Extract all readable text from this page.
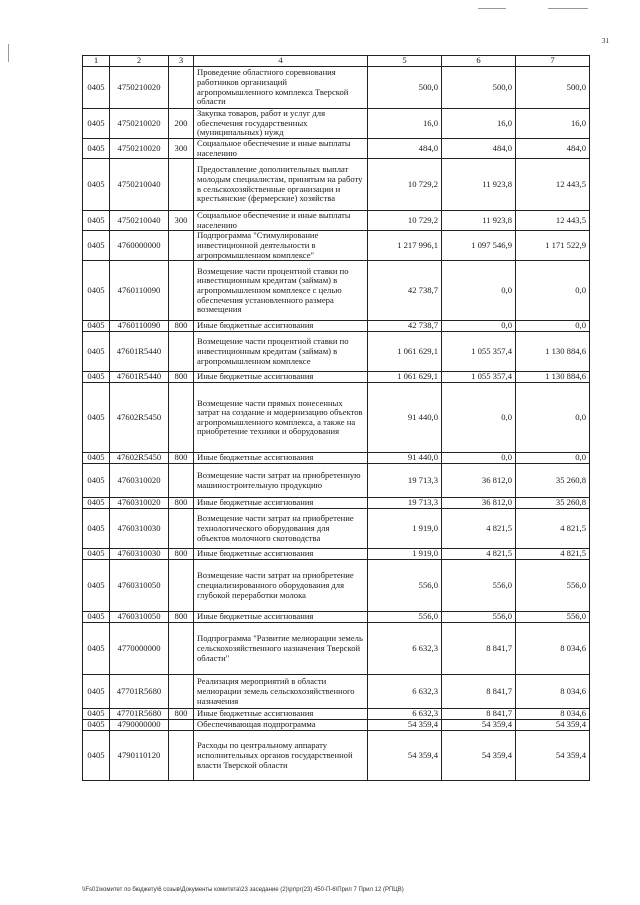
31
1	2	3	4	5	6	7
0405	4750210020		Проведение областного соревнования работников организаций агропромышленного комплекса Тверской области	500,0	500,0	500,0
0405	4750210020	200	Закупка товаров, работ и услуг для обеспечения государственных (муниципальных) нужд	16,0	16,0	16,0
0405	4750210020	300	Социальное обеспечение и иные выплаты населению	484,0	484,0	484,0
0405	4750210040		Предоставление дополнительных выплат молодым специалистам, принятым на работу в сельскохозяйственные организации и крестьянские (фермерские) хозяйства	10 729,2	11 923,8	12 443,5
0405	4750210040	300	Социальное обеспечение и иные выплаты населению	10 729,2	11 923,8	12 443,5
0405	4760000000		Подпрограмма "Стимулирование инвестиционной деятельности в агропромышленном комплексе"	1 217 996,1	1 097 546,9	1 171 522,9
0405	4760110090		Возмещение части процентной ставки по инвестиционным кредитам (займам) в агропромышленном комплексе с целью обеспечения установленного размера возмещения	42 738,7	0,0	0,0
0405	4760110090	800	Иные бюджетные ассигнования	42 738,7	0,0	0,0
0405	47601R5440		Возмещение части процентной ставки по инвестиционным кредитам (займам) в агропромышленном комплексе	1 061 629,1	1 055 357,4	1 130 884,6
0405	47601R5440	800	Иные бюджетные ассигнования	1 061 629,1	1 055 357,4	1 130 884,6
0405	47602R5450		Возмещение части прямых понесенных затрат на создание и модернизацию объектов агропромышленного комплекса, а также на приобретение техники и оборудования	91 440,0	0,0	0,0
0405	47602R5450	800	Иные бюджетные ассигнования	91 440,0	0,0	0,0
0405	4760310020		Возмещение части затрат на приобретенную машиностроительную продукцию	19 713,3	36 812,0	35 260,8
0405	4760310020	800	Иные бюджетные ассигнования	19 713,3	36 812,0	35 260,8
0405	4760310030		Возмещение части затрат на приобретение технологического оборудования для объектов молочного скотоводства	1 919,0	4 821,5	4 821,5
0405	4760310030	800	Иные бюджетные ассигнования	1 919,0	4 821,5	4 821,5
0405	4760310050		Возмещение части затрат на приобретение специализированного оборудования для глубокой переработки молока	556,0	556,0	556,0
0405	4760310050	800	Иные бюджетные ассигнования	556,0	556,0	556,0
0405	4770000000		Подпрограмма "Развитие мелиорации земель сельскохозяйственного назначения Тверской области"	6 632,3	8 841,7	8 034,6
0405	47701R5680		Реализация мероприятий в области мелиорации земель сельскохозяйственного назначения	6 632,3	8 841,7	8 034,6
0405	47701R5680	800	Иные бюджетные ассигнования	6 632,3	8 841,7	8 034,6
0405	4790000000		Обеспечивающая подпрограмма	54 359,4	54 359,4	54 359,4
0405	4790110120		Расходы по центральному аппарату исполнительных органов государственной власти Тверской области	54 359,4	54 359,4	54 359,4
\\Fs01\комитет по бюджету\6 созыв\Документы комитета\23 заседание (2)\pr\pr(23) 450-П-6\Прил 7 Прил 12 (РПЦВ)
